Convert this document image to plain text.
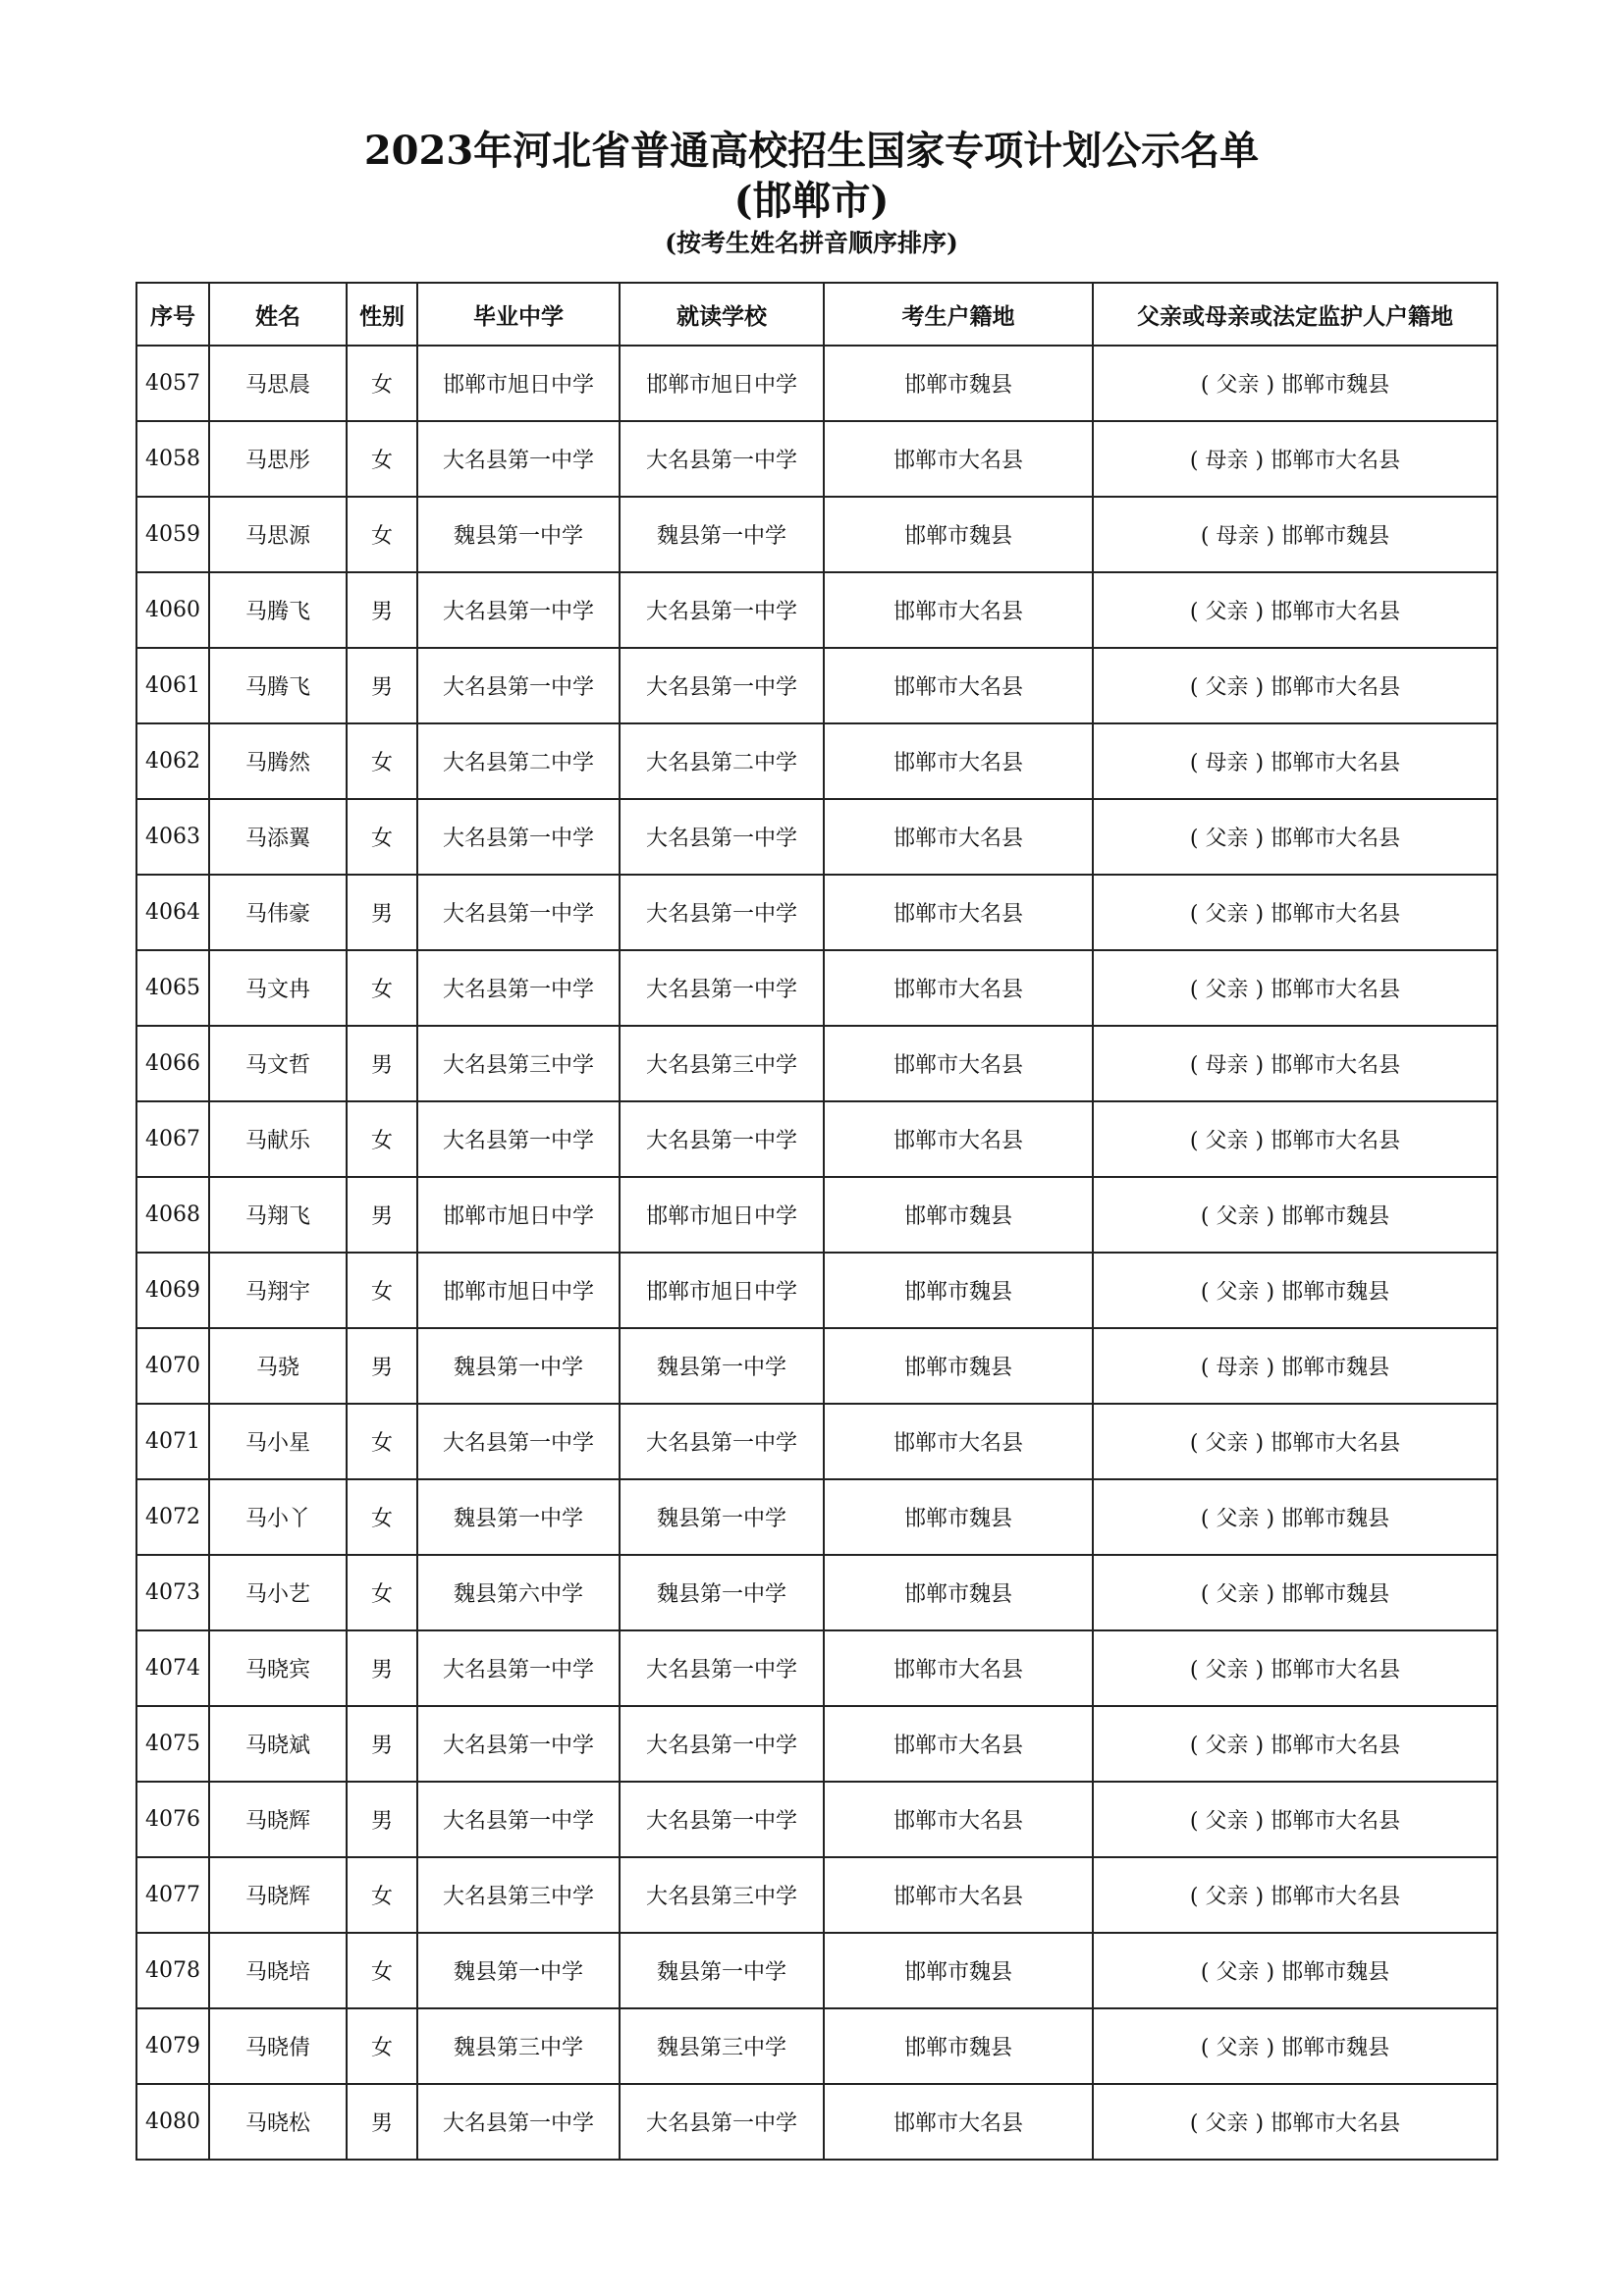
2023年河北省普通高校招生国家专项计划公示名单

(邯郸市)

(按考生姓名拼音顺序排序)

序号	姓名	性别	毕业中学	就读学校	考生户籍地	父亲或母亲或法定监护人户籍地
4057	马思晨	女	邯郸市旭日中学	邯郸市旭日中学	邯郸市魏县	( 父亲 ) 邯郸市魏县
4058	马思彤	女	大名县第一中学	大名县第一中学	邯郸市大名县	( 母亲 ) 邯郸市大名县
4059	马思源	女	魏县第一中学	魏县第一中学	邯郸市魏县	( 母亲 ) 邯郸市魏县
4060	马腾飞	男	大名县第一中学	大名县第一中学	邯郸市大名县	( 父亲 ) 邯郸市大名县
4061	马腾飞	男	大名县第一中学	大名县第一中学	邯郸市大名县	( 父亲 ) 邯郸市大名县
4062	马腾然	女	大名县第二中学	大名县第二中学	邯郸市大名县	( 母亲 ) 邯郸市大名县
4063	马添翼	女	大名县第一中学	大名县第一中学	邯郸市大名县	( 父亲 ) 邯郸市大名县
4064	马伟豪	男	大名县第一中学	大名县第一中学	邯郸市大名县	( 父亲 ) 邯郸市大名县
4065	马文冉	女	大名县第一中学	大名县第一中学	邯郸市大名县	( 父亲 ) 邯郸市大名县
4066	马文哲	男	大名县第三中学	大名县第三中学	邯郸市大名县	( 母亲 ) 邯郸市大名县
4067	马献乐	女	大名县第一中学	大名县第一中学	邯郸市大名县	( 父亲 ) 邯郸市大名县
4068	马翔飞	男	邯郸市旭日中学	邯郸市旭日中学	邯郸市魏县	( 父亲 ) 邯郸市魏县
4069	马翔宇	女	邯郸市旭日中学	邯郸市旭日中学	邯郸市魏县	( 父亲 ) 邯郸市魏县
4070	马骁	男	魏县第一中学	魏县第一中学	邯郸市魏县	( 母亲 ) 邯郸市魏县
4071	马小星	女	大名县第一中学	大名县第一中学	邯郸市大名县	( 父亲 ) 邯郸市大名县
4072	马小丫	女	魏县第一中学	魏县第一中学	邯郸市魏县	( 父亲 ) 邯郸市魏县
4073	马小艺	女	魏县第六中学	魏县第一中学	邯郸市魏县	( 父亲 ) 邯郸市魏县
4074	马晓宾	男	大名县第一中学	大名县第一中学	邯郸市大名县	( 父亲 ) 邯郸市大名县
4075	马晓斌	男	大名县第一中学	大名县第一中学	邯郸市大名县	( 父亲 ) 邯郸市大名县
4076	马晓辉	男	大名县第一中学	大名县第一中学	邯郸市大名县	( 父亲 ) 邯郸市大名县
4077	马晓辉	女	大名县第三中学	大名县第三中学	邯郸市大名县	( 父亲 ) 邯郸市大名县
4078	马晓培	女	魏县第一中学	魏县第一中学	邯郸市魏县	( 父亲 ) 邯郸市魏县
4079	马晓倩	女	魏县第三中学	魏县第三中学	邯郸市魏县	( 父亲 ) 邯郸市魏县
4080	马晓松	男	大名县第一中学	大名县第一中学	邯郸市大名县	( 父亲 ) 邯郸市大名县
